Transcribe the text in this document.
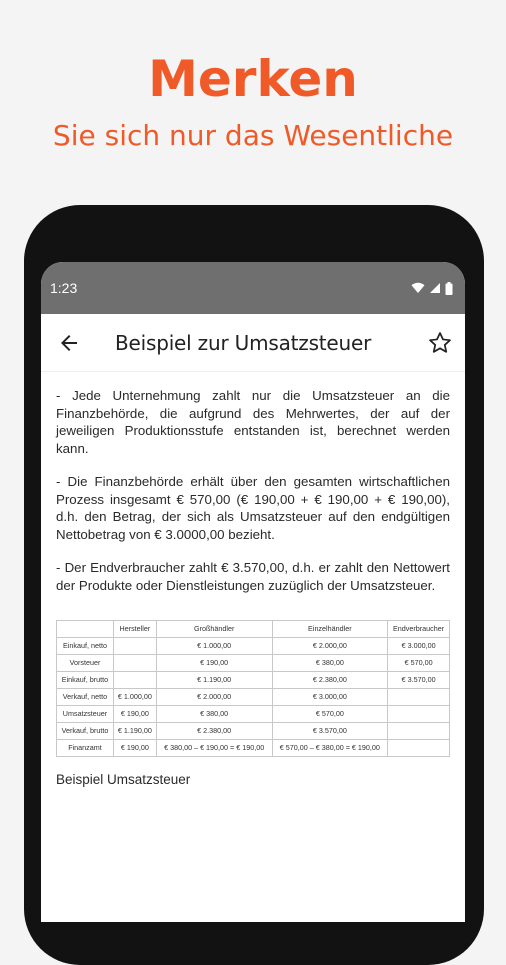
Merken
Sie sich nur das Wesentliche
1:23
Beispiel zur Umsatzsteuer

- Jede Unternehmung zahlt nur die Umsatzsteuer an die Finanzbehörde, die aufgrund des Mehrwertes, der auf der jeweiligen Produktionsstufe entstanden ist, berechnet werden kann.

- Die Finanzbehörde erhält über den gesamten wirtschaftlichen Prozess insgesamt € 570,00 (€ 190,00 + € 190,00 + € 190,00), d.h. den Betrag, der sich als Umsatzsteuer auf den endgültigen Nettobetrag von € 3.0000,00 bezieht.

- Der Endverbraucher zahlt € 3.570,00, d.h. er zahlt den Nettowert der Produkte oder Dienstleistungen zuzüglich der Umsatzsteuer.

	Hersteller	Großhändler	Einzelhändler	Endverbraucher
Einkauf, netto		€ 1.000,00	€ 2.000,00	€ 3.000,00
Vorsteuer		€ 190,00	€ 380,00	€ 570,00
Einkauf, brutto		€ 1.190,00	€ 2.380,00	€ 3.570,00
Verkauf, netto	€ 1.000,00	€ 2.000,00	€ 3.000,00	
Umsatzsteuer	€ 190,00	€ 380,00	€ 570,00	
Verkauf, brutto	€ 1.190,00	€ 2.380,00	€ 3.570,00	
Finanzamt	€ 190,00	€ 380,00 – € 190,00 = € 190,00	€ 570,00 – € 380,00 = € 190,00	
Beispiel Umsatzsteuer
